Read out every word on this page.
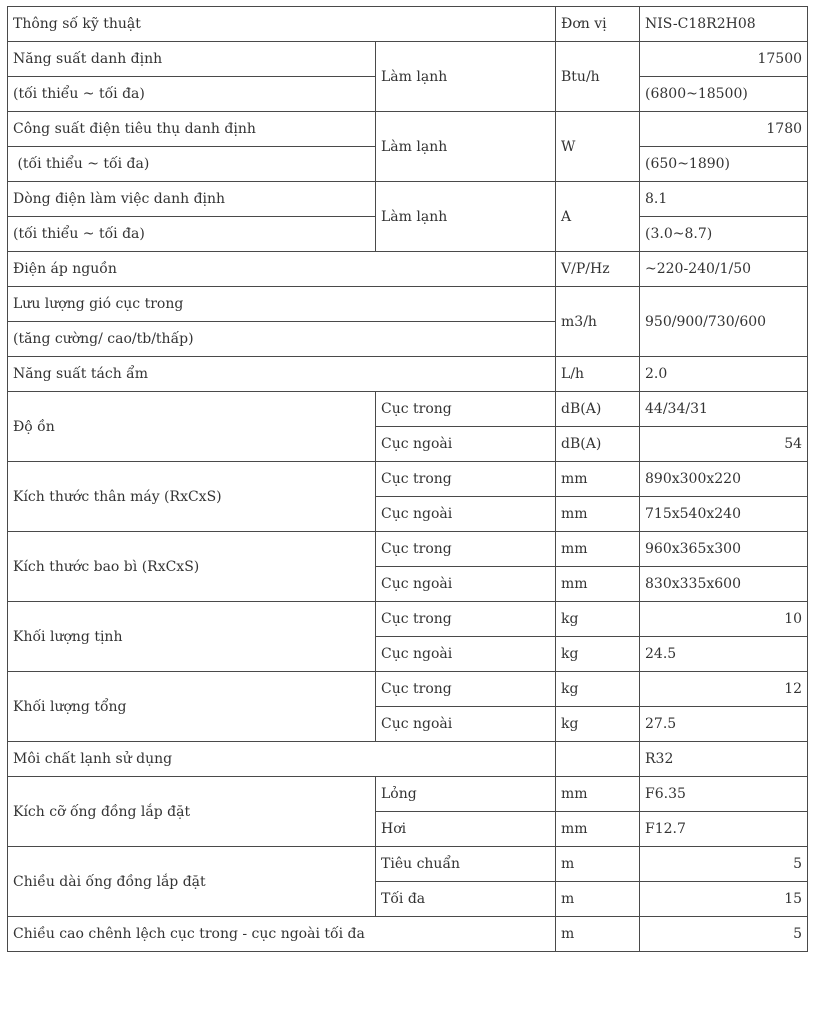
Thông số kỹ thuật		Đơn vị	NIS-C18R2H08
Năng suất danh định	Làm lạnh	Btu/h	17500
(tối thiểu ~ tối đa)			(6800~18500)
Công suất điện tiêu thụ danh định	Làm lạnh	W	1780
(tối thiểu ~ tối đa)			(650~1890)
Dòng điện làm việc danh định	Làm lạnh	A	8.1
(tối thiểu ~ tối đa)			(3.0~8.7)
Điện áp nguồn		V/P/Hz	~220-240/1/50
Lưu lượng gió cục trong		m3/h	950/900/730/600
(tăng cường/ cao/tb/thấp)			
Năng suất tách ẩm		L/h	2.0
Độ ồn	Cục trong	dB(A)	44/34/31
	Cục ngoài	dB(A)	54
Kích thước thân máy (RxCxS)	Cục trong	mm	890x300x220
	Cục ngoài	mm	715x540x240
Kích thước bao bì (RxCxS)	Cục trong	mm	960x365x300
	Cục ngoài	mm	830x335x600
Khối lượng tịnh	Cục trong	kg	10
	Cục ngoài	kg	24.5
Khối lượng tổng	Cục trong	kg	12
	Cục ngoài	kg	27.5
Môi chất lạnh sử dụng			R32
Kích cỡ ống đồng lắp đặt	Lỏng	mm	F6.35
	Hơi	mm	F12.7
Chiều dài ống đồng lắp đặt	Tiêu chuẩn	m	5
	Tối đa	m	15
Chiều cao chênh lệch cục trong - cục ngoài tối đa		m	5
